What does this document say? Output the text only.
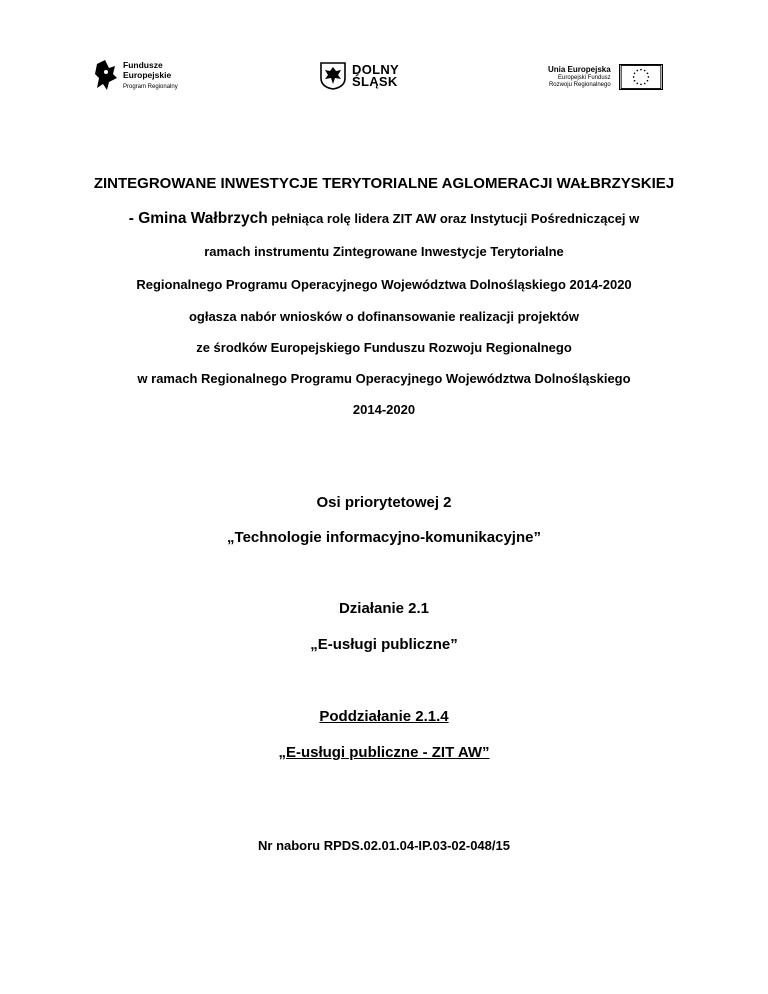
Fundusze
Europejskie
Program Regionalny
DOLNY
ŚLĄSK
Unia Europejska
Europejski Fundusz
Rozwoju Regionalnego
ZINTEGROWANE INWESTYCJE TERYTORIALNE AGLOMERACJI WAŁBRZYSKIEJ
- Gmina Wałbrzych pełniąca rolę lidera ZIT AW oraz Instytucji Pośredniczącej w
ramach instrumentu Zintegrowane Inwestycje Terytorialne
Regionalnego Programu Operacyjnego Województwa Dolnośląskiego 2014-2020
ogłasza nabór wniosków o dofinansowanie realizacji projektów
ze środków Europejskiego Funduszu Rozwoju Regionalnego
w ramach Regionalnego Programu Operacyjnego Województwa Dolnośląskiego
2014-2020
Osi priorytetowej 2
„Technologie informacyjno-komunikacyjne”
Działanie 2.1
„E-usługi publiczne”
Poddziałanie 2.1.4
„E-usługi publiczne - ZIT AW”
Nr naboru RPDS.02.01.04-IP.03-02-048/15
